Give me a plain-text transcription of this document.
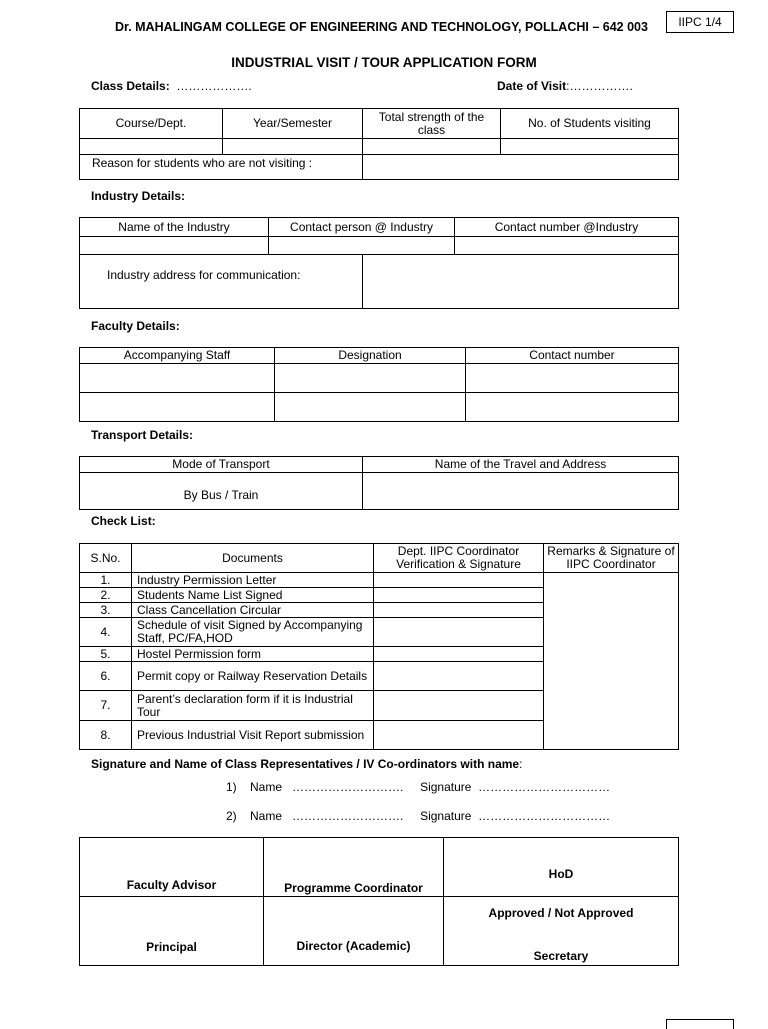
Dr. MAHALINGAM COLLEGE OF ENGINEERING AND TECHNOLOGY, POLLACHI – 642 003	IIPC 1/4
INDUSTRIAL VISIT / TOUR APPLICATION FORM
Class Details: ……………….	Date of Visit:…………….
Course/Dept.	Year/Semester	Total strength of the class	No. of Students visiting

Reason for students who are not visiting :			
Industry Details:
Name of the Industry	Contact person @ Industry		Contact number @Industry

Industry address for communication:			
Faculty Details:
Accompanying Staff	Designation	Contact number

Transport Details:
Mode of Transport	Name of the Travel and Address
By Bus / Train	
Check List:
S.No.	Documents	Dept. IIPC Coordinator Verification & Signature	Remarks & Signature of IIPC Coordinator
1.	Industry Permission Letter		
2.	Students Name List Signed		
3.	Class Cancellation Circular		
4.	Schedule of visit Signed by Accompanying Staff, PC/FA,HOD		
5.	Hostel Permission form		
6.	Permit copy or Railway Reservation Details		
7.	Parent’s declaration form if it is Industrial Tour		
8.	Previous Industrial Visit Report submission		
Signature and Name of Class Representatives / IV Co-ordinators with name:
1) Name ………………………. Signature ……………………………
2) Name ………………………. Signature ……………………………
Faculty Advisor	Programme Coordinator	HoD
Principal	Director (Academic)	Approved / Not Approved
Secretary
